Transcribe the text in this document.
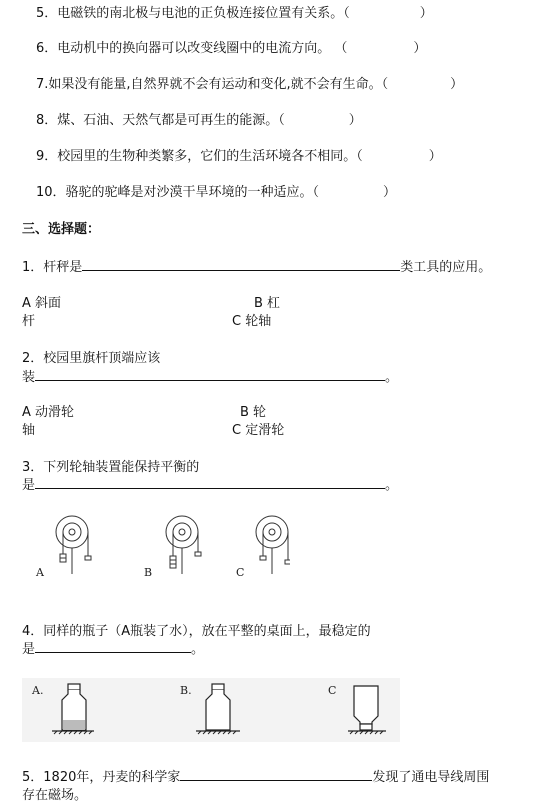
5．电磁铁的南北极与电池的正负极连接位置有关系。（	）
6．电动机中的换向器可以改变线圈中的电流方向。 （	）
7.如果没有能量,自然界就不会有运动和变化,就不会有生命。（	）
8．煤、石油、天然气都是可再生的能源。（	）
9．校园里的生物种类繁多，它们的生活环境各不相同。（	）
10．骆驼的驼峰是对沙漠干旱环境的一种适应。（	）
三、选择题：
1．杆秤是	类工具的应用。
A 斜面	B 杠
杆	C 轮轴
2．校园里旗杆顶端应该
装	。
A 动滑轮	B 轮
轴	C 定滑轮
3．下列轮轴装置能保持平衡的
是	。
A	B	C
4．同样的瓶子（A瓶装了水），放在平整的桌面上，最稳定的
是	。
A.	B.	C
5．1820年，丹麦的科学家	发现了通电导线周围
存在磁场。
